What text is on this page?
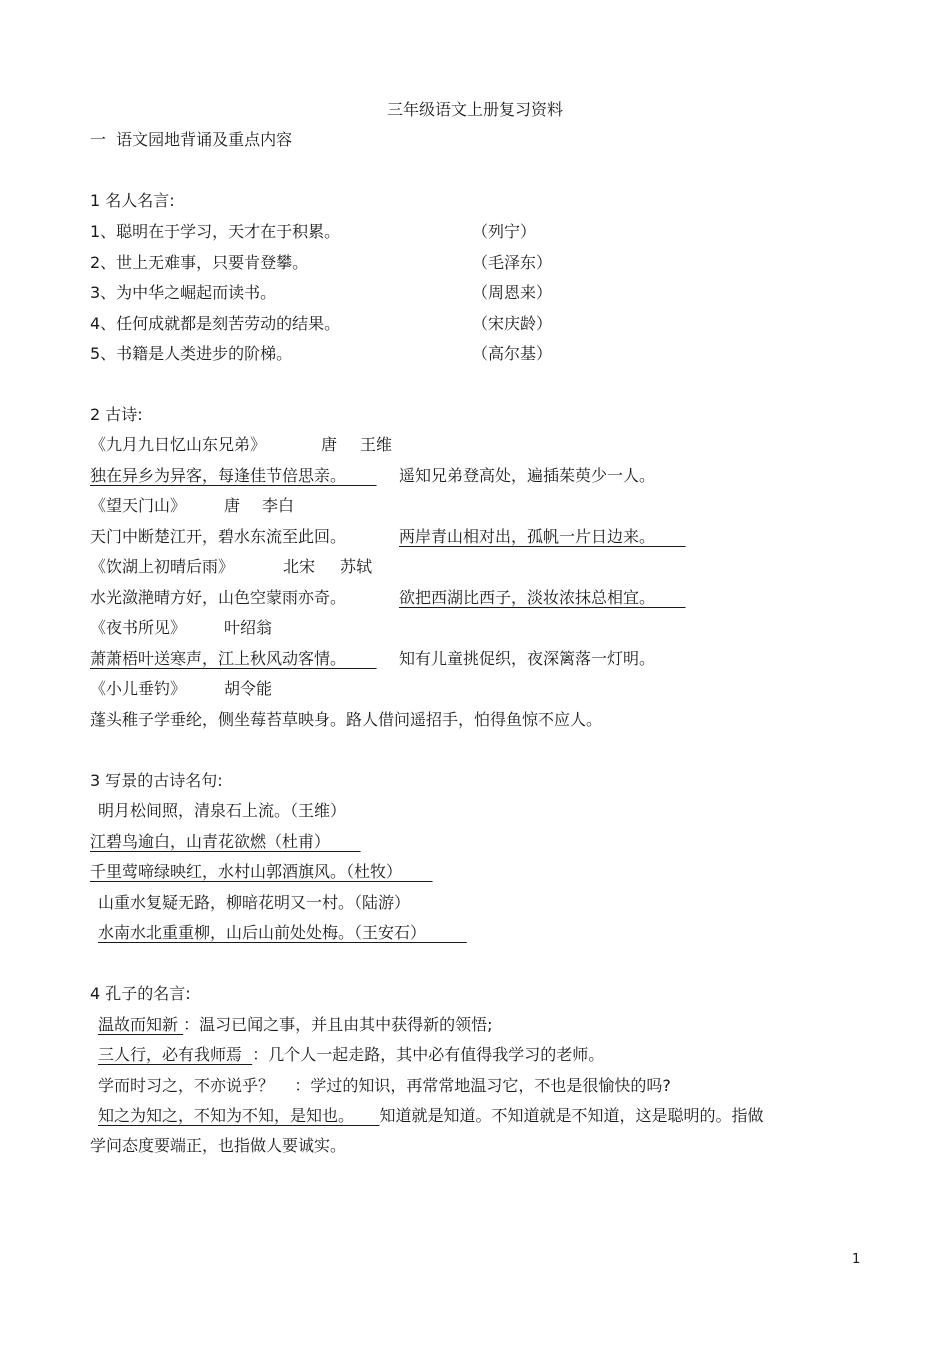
三年级语文上册复习资料
一  语文园地背诵及重点内容
1 名人名言:
1、聪明在于学习，天才在于积累。	（列宁）
2、世上无难事，只要肯登攀。	（毛泽东）
3、为中华之崛起而读书。	（周恩来）
4、任何成就都是刻苦劳动的结果。	（宋庆龄）
5、书籍是人类进步的阶梯。	（高尔基）
2 古诗:
《九月九日忆山东兄弟》	唐 王维
独在异乡为异客，每逢佳节倍思亲。	遥知兄弟登高处，遍插茱萸少一人。
《望天门山》 唐 李白
天门中断楚江开，碧水东流至此回。	两岸青山相对出，孤帆一片日边来。
《饮湖上初晴后雨》	北宋 苏轼
水光潋滟晴方好，山色空蒙雨亦奇。	欲把西湖比西子，淡妆浓抹总相宜。
《夜书所见》 叶绍翁
萧萧梧叶送寒声，江上秋风动客情。	知有儿童挑促织，夜深篱落一灯明。
《小儿垂钓》 胡令能
蓬头稚子学垂纶，侧坐莓苔草映身。路人借问遥招手，怕得鱼惊不应人。
3 写景的古诗名句:
明月松间照，清泉石上流。（王维）
江碧鸟逾白，山青花欲燃（杜甫）
千里莺啼绿映红，水村山郭酒旗风。（杜牧）
山重水复疑无路，柳暗花明又一村。（陆游）
水南水北重重柳，山后山前处处梅。（王安石）
4 孔子的名言:
温故而知新 ：温习已闻之事，并且由其中获得新的领悟;
三人行，必有我师焉 ：几个人一起走路，其中必有值得我学习的老师。
学而时习之，不亦说乎？ ：学过的知识，再常常地温习它，不也是很愉快的吗?
知之为知之，不知为不知，是知也。 知道就是知道。不知道就是不知道，这是聪明的。指做
学问态度要端正，也指做人要诚实。
1
